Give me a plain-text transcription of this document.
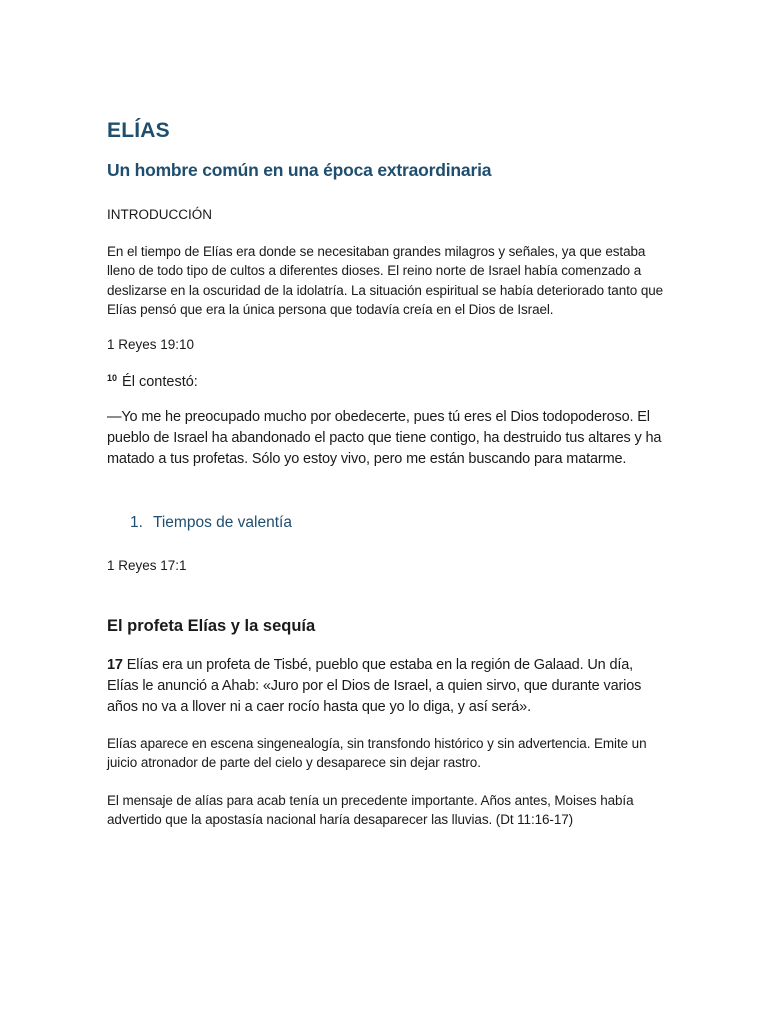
ELÍAS
Un hombre común en una época extraordinaria

INTRODUCCIÓN

En el tiempo de Elías era donde se necesitaban grandes milagros y señales, ya que estaba lleno de todo tipo de cultos a diferentes dioses. El reino norte de Israel había comenzado a deslizarse en la oscuridad de la idolatría. La situación espiritual se había deteriorado tanto que Elías pensó que era la única persona que todavía creía en el Dios de Israel.

1 Reyes 19:10

$^{10}$ Él contestó:

—Yo me he preocupado mucho por obedecerte, pues tú eres el Dios todopoderoso. El pueblo de Israel ha abandonado el pacto que tiene contigo, ha destruido tus altares y ha matado a tus profetas. Sólo yo estoy vivo, pero me están buscando para matarme.

1. Tiempos de valentía

1 Reyes 17:1

El profeta Elías y la sequía

17 Elías era un profeta de Tisbé, pueblo que estaba en la región de Galaad. Un día, Elías le anunció a Ahab: «Juro por el Dios de Israel, a quien sirvo, que durante varios años no va a llover ni a caer rocío hasta que yo lo diga, y así será».

Elías aparece en escena singenealogía, sin transfondo histórico y sin advertencia. Emite un juicio atronador de parte del cielo y desaparece sin dejar rastro.

El mensaje de alías para acab tenía un precedente importante. Años antes, Moises había advertido que la apostasía nacional haría desaparecer las lluvias. (Dt 11:16-17)
